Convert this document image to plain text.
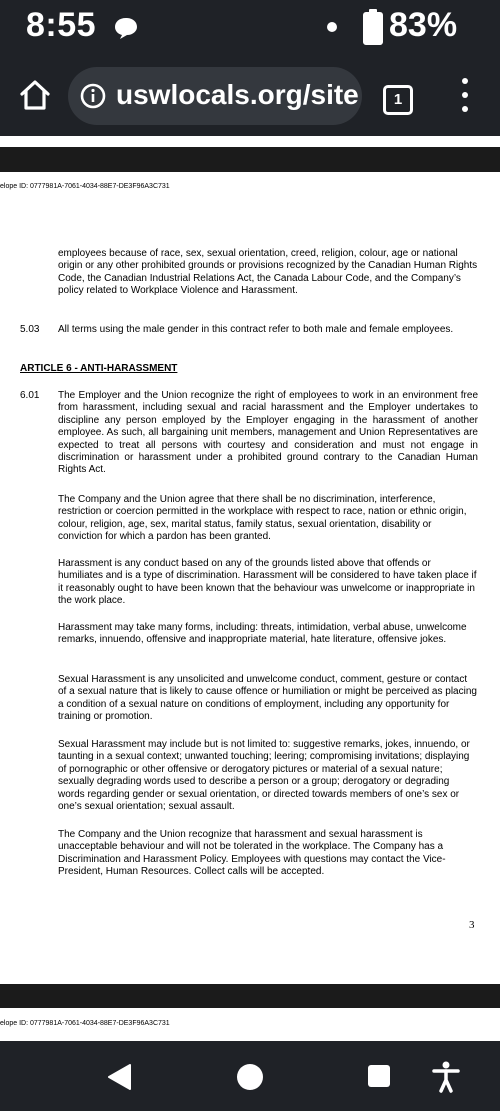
8:55	83%
uswlocals.org/site	1
elope ID: 0777981A-7061-4034-88E7-DE3F96A3C731

employees because of race, sex, sexual orientation, creed, religion, colour, age or national origin or any other prohibited grounds or provisions recognized by the Canadian Human Rights Code, the Canadian Industrial Relations Act, the Canada Labour Code, and the Company’s policy related to Workplace Violence and Harassment.

5.03 All terms using the male gender in this contract refer to both male and female employees.

ARTICLE 6 - ANTI-HARASSMENT
6.01 The Employer and the Union recognize the right of employees to work in an environment free from harassment, including sexual and racial harassment and the Employer undertakes to discipline any person employed by the Employer engaging in the harassment of another employee. As such, all bargaining unit members, management and Union Representatives are expected to treat all persons with courtesy and consideration and must not engage in discrimination or harassment under a prohibited ground contrary to the Canadian Human Rights Act.

The Company and the Union agree that there shall be no discrimination, interference, restriction or coercion permitted in the workplace with respect to race, nation or ethnic origin, colour, religion, age, sex, marital status, family status, sexual orientation, disability or conviction for which a pardon has been granted.

Harassment is any conduct based on any of the grounds listed above that offends or humiliates and is a type of discrimination. Harassment will be considered to have taken place if it reasonably ought to have been known that the behaviour was unwelcome or inappropriate in the work place.

Harassment may take many forms, including: threats, intimidation, verbal abuse, unwelcome remarks, innuendo, offensive and inappropriate material, hate literature, offensive jokes.

Sexual Harassment is any unsolicited and unwelcome conduct, comment, gesture or contact of a sexual nature that is likely to cause offence or humiliation or might be perceived as placing a condition of a sexual nature on conditions of employment, including any opportunity for training or promotion.

Sexual Harassment may include but is not limited to: suggestive remarks, jokes, innuendo, or taunting in a sexual context; unwanted touching; leering; compromising invitations; displaying of pornographic or other offensive or derogatory pictures or material of a sexual nature; sexually degrading words used to describe a person or a group; derogatory or degrading words regarding gender or sexual orientation, or directed towards members of one’s sex or one’s sexual orientation; sexual assault.

The Company and the Union recognize that harassment and sexual harassment is unacceptable behaviour and will not be tolerated in the workplace. The Company has a Discrimination and Harassment Policy. Employees with questions may contact the Vice-President, Human Resources. Collect calls will be accepted.

3
elope ID: 0777981A-7061-4034-88E7-DE3F96A3C731
